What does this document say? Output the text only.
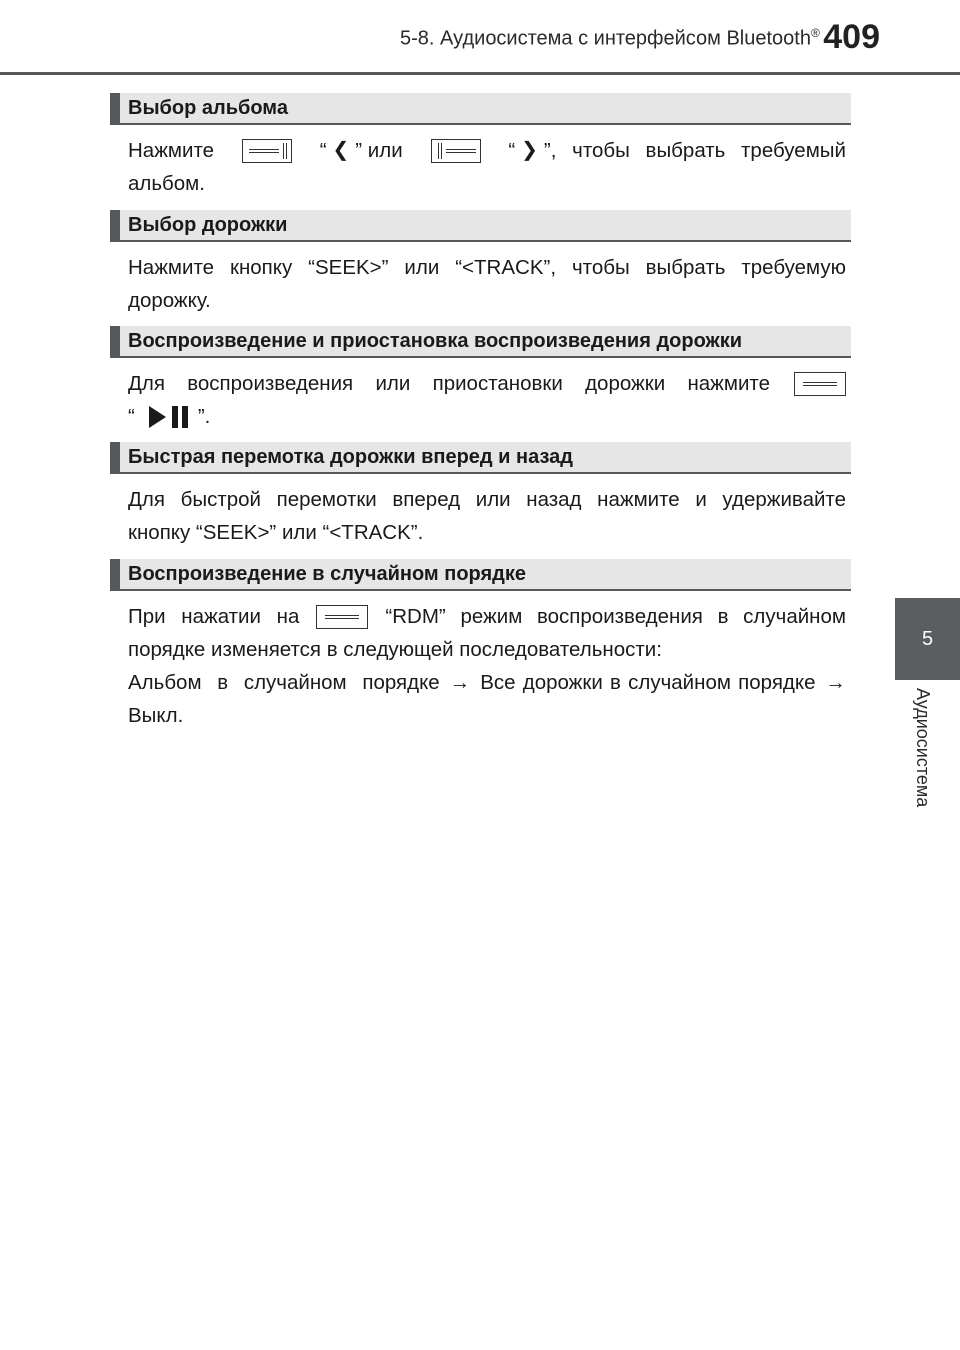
5-8. Аудиосистема с интерфейсом Bluetooth® 409
5
Аудиосистема
Выбор альбома
Нажмите	“ ❮ ” или	“ ❯ ”, чтобы выбрать требуемый
альбом.
Выбор дорожки
Нажмите кнопку “SEEK>” или “<TRACK”, чтобы выбрать требуемую
дорожку.
Воспроизведение и приостановка воспроизведения дорожки
Для воспроизведения или приостановки дорожки нажмите
“	”.
Быстрая перемотка дорожки вперед и назад
Для быстрой перемотки вперед или назад нажмите и удерживайте
кнопку “SEEK>” или “<TRACK”.
Воспроизведение в случайном порядке
При нажатии на	“RDM” режим воспроизведения в случайном
порядке изменяется в следующей последовательности:
Альбом в случайном порядке → Все дорожки в случайном порядке →
Выкл.
